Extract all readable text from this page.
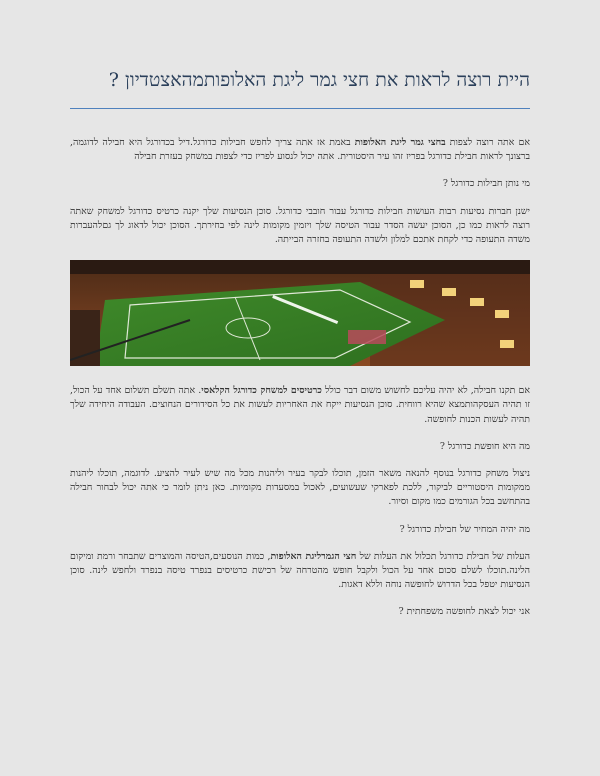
היית רוצה לראות את חצי גמר ליגת האלופותמהאצטדיון ?

אם אתה רוצה לצפות בחצי גמר ליגת האלופות באמת אז אתה צריך לחפש חבילות כדורגל.דיל בכדורגל היא חבילה לדוגמה, ברצונך לראות חבילת כדורגל בפריז זהו עיר היסטורית. אתה יכול לנסוע לפריז כדי לצפות במשחק בעזרת חבילה

מי נותן חבילות כדורגל ?

ישנן חברות נסיעות רבות העושות חבילות כדורגל עבור חובבי כדורגל. סוכן הנסיעות שלך יקנה כרטיס כדורגל למשחק שאתה רוצה לראות כמו כן, הסוכן יעשה הסדר עבור הטיסה שלך ויזמין מקומות לינה לפי בחירתך. הסוכן יכול לדאוג לך גםלהעברות משדה התעופה כדי לקחת אתכם למלון ולשדה התעופה בחזרה הבייתה.

אם תקנו חבילה, לא יהיה עליכם לחשוש משום דבר כולל כרטיסים למשחק כדורגל הקלאסי. אתה תשלם תשלום אחד על הכול, זו תהיה העסקהותמצא שהיא רווחית. סוכן הנסיעות ייקח את האחריות לעשות את כל הסידורים הנחוצים. העבודה היחידה שלך תהיה לעשות הכנות לחופשה.

מה היא חופשת כדורגל ?

ניצול משחק כדורגל בנוסף להנאה משאר הזמן, תוכלו לבקר בעיר וליהנות מכל מה שיש לעיר להציע. לדוגמה, תוכלו ליהנות ממקומות היסטוריים לביקור, ללכת לפארקי שעשועים, לאכול במסעדות מקומיות. כאן ניתן לומר כי אתה יכול לבחור חבילה בהתחשב בכל הגורמים כמו מקום וסיור.

מה יהיה המחיר של חבילת כדורגל ?

העלות של חבילת כדורגל תכלול את העלות של חצי הגמרליגת האלופות, כמות הנוסעים,הטיסה והמוצרים שתבחר ורמת ומיקום הלינה.תוכלו לשלם סכום אחד על הכול ולקבל חופש מהטרחה של רכישת כרטיסים בנפרד טיסה בנפרד ולחפש לינה. סוכן הנסיעות יטפל בכל הדרוש לחופשה נוחה וללא דאגות.

אני יכול לצאת לחופשה משפחתית ?
